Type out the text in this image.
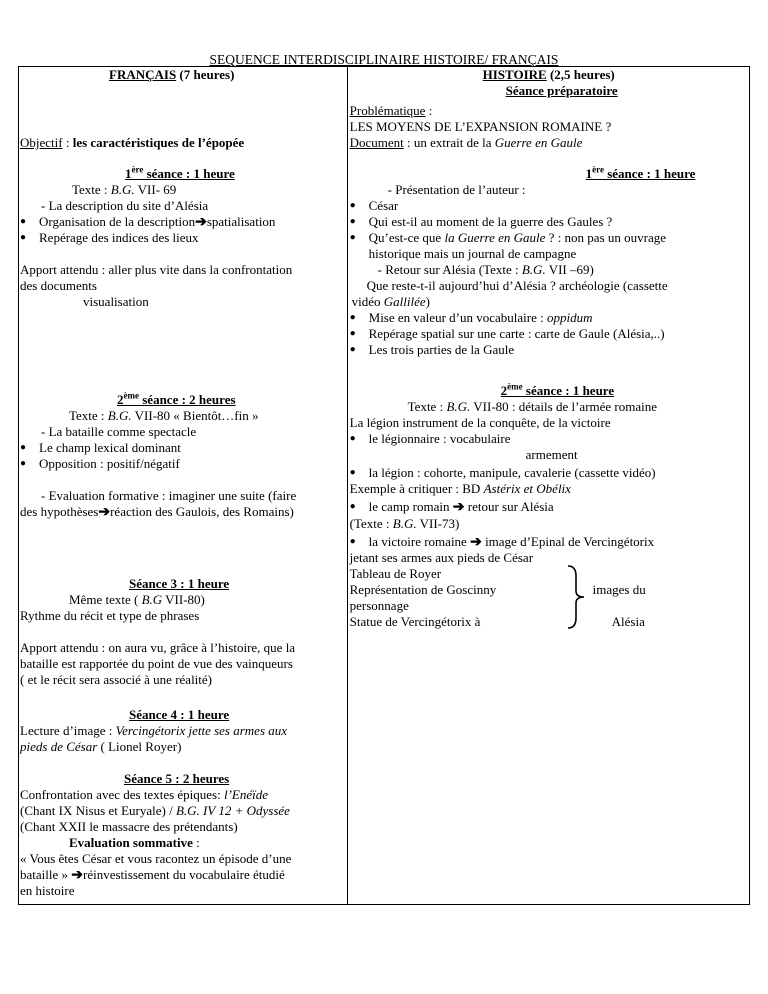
SEQUENCE INTERDISCIPLINAIRE HISTOIRE/ FRANÇAIS
FRANÇAIS (7 heures)
Objectif : les caractéristiques de l’épopée
1ère séance : 1 heure
Texte : B.G. VII- 69
- La description du site d’Alésia
● Organisation de la description➔spatialisation
● Repérage des indices des lieux
Apport attendu : aller plus vite dans la confrontation
des documents
visualisation
2ème séance : 2 heures
Texte : B.G. VII-80 « Bientôt…fin »
- La bataille comme spectacle
● Le champ lexical dominant
● Opposition : positif/négatif
- Evaluation formative : imaginer une suite (faire
des hypothèses➔réaction des Gaulois, des Romains)
Séance 3 : 1 heure
Même texte ( B.G VII-80)
Rythme du récit et type de phrases
Apport attendu : on aura vu, grâce à l’histoire, que la
bataille est rapportée du point de vue des vainqueurs
( et le récit sera associé à une réalité)
Séance 4 : 1 heure
Lecture d’image : Vercingétorix jette ses armes aux
pieds de César ( Lionel Royer)
Séance 5 : 2 heures
Confrontation avec des textes épiques: l’Enéïde
(Chant IX Nisus et Euryale) / B.G. IV 12 + Odyssée
(Chant XXII le massacre des prétendants)
Evaluation sommative :
« Vous êtes César et vous racontez un épisode d’une
bataille » ➔réinvestissement du vocabulaire étudié
en histoire

HISTOIRE (2,5 heures)
Séance préparatoire
Problématique :
LES MOYENS DE L’EXPANSION ROMAINE ?
Document : un extrait de la Guerre en Gaule
1ère séance : 1 heure
- Présentation de l’auteur :
● César
● Qui est-il au moment de la guerre des Gaules ?
● Qu’est-ce que la Guerre en Gaule ? : non pas un ouvrage
historique mais un journal de campagne
- Retour sur Alésia (Texte : B.G. VII –69)
Que reste-t-il aujourd’hui d’Alésia ? archéologie (cassette
vidéo Gallilée)
● Mise en valeur d’un vocabulaire : oppidum
● Repérage spatial sur une carte : carte de Gaule (Alésia,..)
● Les trois parties de la Gaule
2ème séance : 1 heure
Texte : B.G. VII-80 : détails de l’armée romaine
La légion instrument de la conquête, de la victoire
● le légionnaire : vocabulaire
armement
● la légion : cohorte, manipule, cavalerie (cassette vidéo)
Exemple à critiquer : BD Astérix et Obélix
● le camp romain ➔ retour sur Alésia
(Texte : B.G. VII-73)
● la victoire romaine ➔ image d’Epinal de Vercingétorix
jetant ses armes aux pieds de César
Tableau de Royer
Représentation de Goscinny
personnage
Statue de Vercingétorix à
images du
Alésia
